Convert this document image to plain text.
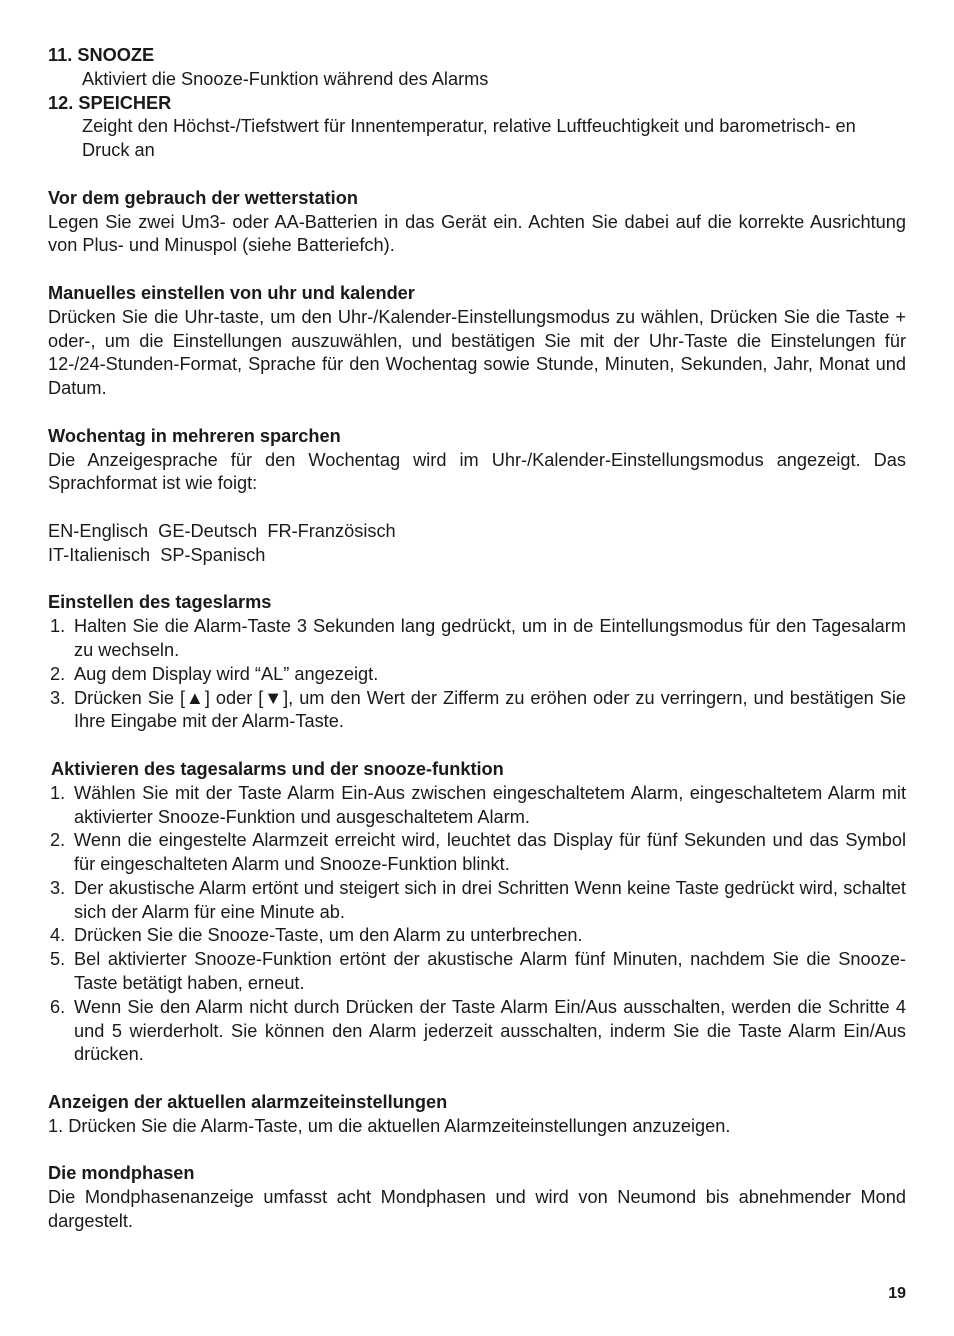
11. SNOOZE
Aktiviert die Snooze-Funktion während des Alarms
12. SPEICHER
Zeight den Höchst-/Tiefstwert für Innentemperatur, relative Luftfeuchtigkeit und barometrisch- en Druck an

Vor dem gebrauch der wetterstation

Legen Sie zwei Um3- oder AA-Batterien in das Gerät ein. Achten Sie dabei auf die korrekte Ausrichtung von Plus- und Minuspol (siehe Batteriefch).

Manuelles einstellen von uhr und kalender

Drücken Sie die Uhr-taste, um den Uhr-/Kalender-Einstellungsmodus zu wählen, Drücken Sie die Taste + oder-, um die Einstellungen auszuwählen, und bestätigen Sie mit der Uhr-Taste die Einstelungen für 12-/24-Stunden-Format, Sprache für den Wochentag sowie Stunde, Minuten, Sekunden, Jahr, Monat und Datum.

Wochentag in mehreren sparchen

Die Anzeigesprache für den Wochentag wird im Uhr-/Kalender-Einstellungsmodus angezeigt. Das Sprachformat ist wie foigt:

EN-Englisch  GE-Deutsch  FR-Französisch

IT-Italienisch  SP-Spanisch

Einstellen des tageslarms

1. Halten Sie die Alarm-Taste 3 Sekunden lang gedrückt, um in de Eintellungsmodus für den Tagesalarm zu wechseln.
2. Aug dem Display wird “AL” angezeigt.
3. Drücken Sie [▲] oder [▼], um den Wert der Zifferm zu eröhen oder zu verringern, und bestätigen Sie Ihre Eingabe mit der Alarm-Taste.

Aktivieren des tagesalarms und der snooze-funktion

1. Wählen Sie mit der Taste Alarm Ein-Aus zwischen eingeschaltetem Alarm, eingeschaltetem Alarm mit aktivierter Snooze-Funktion und ausgeschaltetem Alarm.
2. Wenn die eingestelte Alarmzeit erreicht wird, leuchtet das Display für fünf Sekunden und das Symbol für eingeschalteten Alarm und Snooze-Funktion blinkt.
3. Der akustische Alarm ertönt und steigert sich in drei Schritten Wenn keine Taste gedrückt wird, schaltet sich der Alarm für eine Minute ab.
4. Drücken Sie die Snooze-Taste, um den Alarm zu unterbrechen.
5. Bel aktivierter Snooze-Funktion ertönt der akustische Alarm fünf Minuten, nachdem Sie die Snooze-Taste betätigt haben, erneut.
6. Wenn Sie den Alarm nicht durch Drücken der Taste Alarm Ein/Aus ausschalten, werden die Schritte 4 und 5 wierderholt. Sie können den Alarm jederzeit ausschalten, inderm Sie die Taste Alarm Ein/Aus drücken.

Anzeigen der aktuellen alarmzeiteinstellungen

1. Drücken Sie die Alarm-Taste, um die aktuellen Alarmzeiteinstellungen anzuzeigen.

Die mondphasen

Die Mondphasenanzeige umfasst acht Mondphasen und wird von Neumond bis abnehmender Mond dargestelt.

19
